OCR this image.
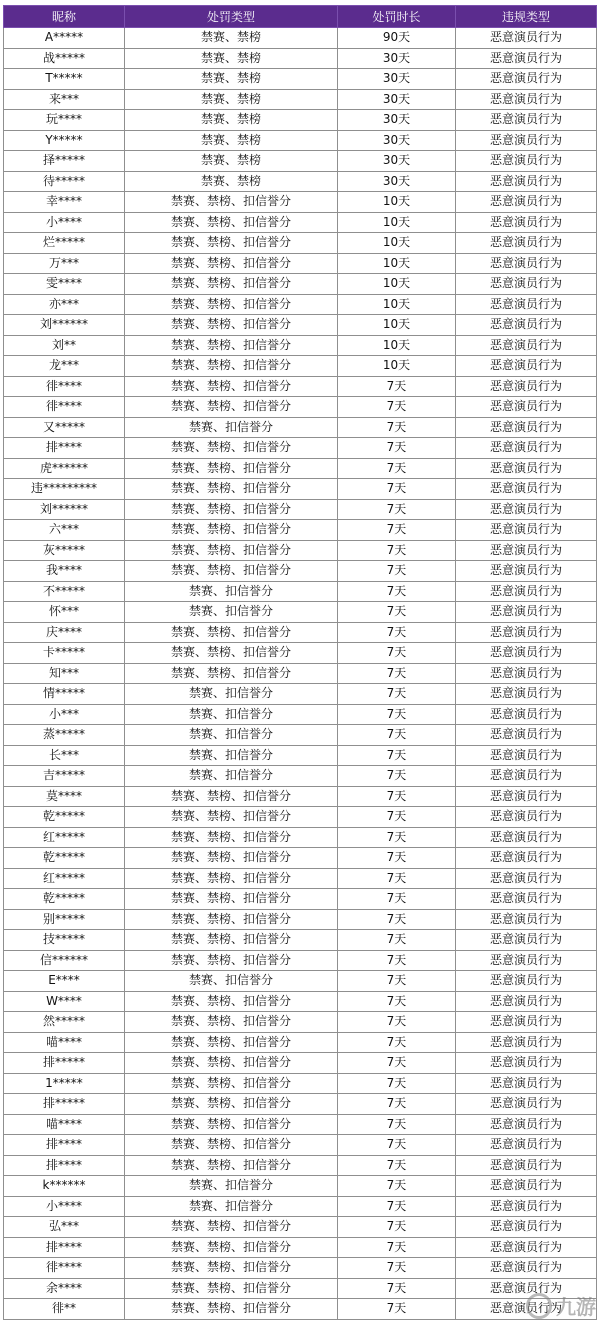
昵称	处罚类型	处罚时长	违规类型
A*****	禁赛、禁榜	90天	恶意演员行为
战*****	禁赛、禁榜	30天	恶意演员行为
T*****	禁赛、禁榜	30天	恶意演员行为
来***	禁赛、禁榜	30天	恶意演员行为
玩****	禁赛、禁榜	30天	恶意演员行为
Y*****	禁赛、禁榜	30天	恶意演员行为
择*****	禁赛、禁榜	30天	恶意演员行为
待*****	禁赛、禁榜	30天	恶意演员行为
幸****	禁赛、禁榜、扣信誉分	10天	恶意演员行为
小****	禁赛、禁榜、扣信誉分	10天	恶意演员行为
烂*****	禁赛、禁榜、扣信誉分	10天	恶意演员行为
万***	禁赛、禁榜、扣信誉分	10天	恶意演员行为
雯****	禁赛、禁榜、扣信誉分	10天	恶意演员行为
亦***	禁赛、禁榜、扣信誉分	10天	恶意演员行为
刘******	禁赛、禁榜、扣信誉分	10天	恶意演员行为
刘**	禁赛、禁榜、扣信誉分	10天	恶意演员行为
龙***	禁赛、禁榜、扣信誉分	10天	恶意演员行为
徘****	禁赛、禁榜、扣信誉分	7天	恶意演员行为
徘****	禁赛、禁榜、扣信誉分	7天	恶意演员行为
又*****	禁赛、扣信誉分	7天	恶意演员行为
排****	禁赛、禁榜、扣信誉分	7天	恶意演员行为
虎******	禁赛、禁榜、扣信誉分	7天	恶意演员行为
违*********	禁赛、禁榜、扣信誉分	7天	恶意演员行为
刘******	禁赛、禁榜、扣信誉分	7天	恶意演员行为
六***	禁赛、禁榜、扣信誉分	7天	恶意演员行为
灰*****	禁赛、禁榜、扣信誉分	7天	恶意演员行为
我****	禁赛、禁榜、扣信誉分	7天	恶意演员行为
不*****	禁赛、扣信誉分	7天	恶意演员行为
怀***	禁赛、扣信誉分	7天	恶意演员行为
庆****	禁赛、禁榜、扣信誉分	7天	恶意演员行为
卡*****	禁赛、禁榜、扣信誉分	7天	恶意演员行为
知***	禁赛、禁榜、扣信誉分	7天	恶意演员行为
情*****	禁赛、扣信誉分	7天	恶意演员行为
小***	禁赛、扣信誉分	7天	恶意演员行为
蒸*****	禁赛、扣信誉分	7天	恶意演员行为
长***	禁赛、扣信誉分	7天	恶意演员行为
吉*****	禁赛、扣信誉分	7天	恶意演员行为
莫****	禁赛、禁榜、扣信誉分	7天	恶意演员行为
乾*****	禁赛、禁榜、扣信誉分	7天	恶意演员行为
红*****	禁赛、禁榜、扣信誉分	7天	恶意演员行为
乾*****	禁赛、禁榜、扣信誉分	7天	恶意演员行为
红*****	禁赛、禁榜、扣信誉分	7天	恶意演员行为
乾*****	禁赛、禁榜、扣信誉分	7天	恶意演员行为
别*****	禁赛、禁榜、扣信誉分	7天	恶意演员行为
技*****	禁赛、禁榜、扣信誉分	7天	恶意演员行为
信******	禁赛、禁榜、扣信誉分	7天	恶意演员行为
E****	禁赛、扣信誉分	7天	恶意演员行为
W****	禁赛、禁榜、扣信誉分	7天	恶意演员行为
然*****	禁赛、禁榜、扣信誉分	7天	恶意演员行为
喵****	禁赛、禁榜、扣信誉分	7天	恶意演员行为
排*****	禁赛、禁榜、扣信誉分	7天	恶意演员行为
1*****	禁赛、禁榜、扣信誉分	7天	恶意演员行为
排*****	禁赛、禁榜、扣信誉分	7天	恶意演员行为
喵****	禁赛、禁榜、扣信誉分	7天	恶意演员行为
排****	禁赛、禁榜、扣信誉分	7天	恶意演员行为
排****	禁赛、禁榜、扣信誉分	7天	恶意演员行为
k******	禁赛、扣信誉分	7天	恶意演员行为
小****	禁赛、扣信誉分	7天	恶意演员行为
弘***	禁赛、禁榜、扣信誉分	7天	恶意演员行为
排****	禁赛、禁榜、扣信誉分	7天	恶意演员行为
徘****	禁赛、禁榜、扣信誉分	7天	恶意演员行为
余****	禁赛、禁榜、扣信誉分	7天	恶意演员行为
徘**	禁赛、禁榜、扣信誉分	7天	恶意演员行为
九游
